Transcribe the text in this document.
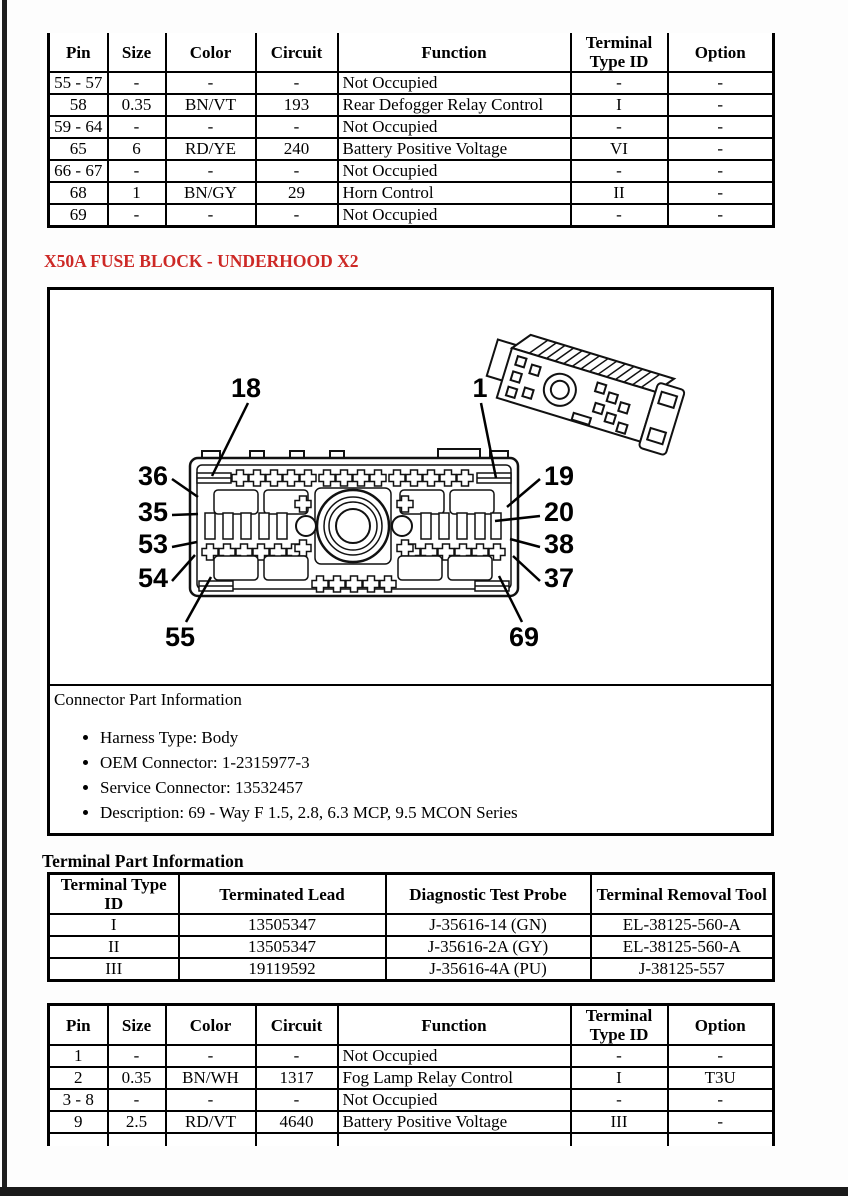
Pin	Size	Color	Circuit	Function	Terminal Type ID	Option
55 - 57	-	-	-	Not Occupied	-	-
58	0.35	BN/VT	193	Rear Defogger Relay Control	I	-
59 - 64	-	-	-	Not Occupied	-	-
65	6	RD/YE	240	Battery Positive Voltage	VI	-
66 - 67	-	-	-	Not Occupied	-	-
68	1	BN/GY	29	Horn Control	II	-
69	-	-	-	Not Occupied	-	-
X50A FUSE BLOCK - UNDERHOOD X2
18	1
36
35
53
54
19
20
38
37
55	69
Connector Part Information
• Harness Type: Body
• OEM Connector: 1-2315977-3
• Service Connector: 13532457
• Description: 69 - Way F 1.5, 2.8, 6.3 MCP, 9.5 MCON Series
Terminal Part Information
Terminal Type ID	Terminated Lead	Diagnostic Test Probe	Terminal Removal Tool
I	13505347	J-35616-14 (GN)	EL-38125-560-A
II	13505347	J-35616-2A (GY)	EL-38125-560-A
III	19119592	J-35616-4A (PU)	J-38125-557
Pin	Size	Color	Circuit	Function	Terminal Type ID	Option
1	-	-	-	Not Occupied	-	-
2	0.35	BN/WH	1317	Fog Lamp Relay Control	I	T3U
3 - 8	-	-	-	Not Occupied	-	-
9	2.5	RD/VT	4640	Battery Positive Voltage	III	-
